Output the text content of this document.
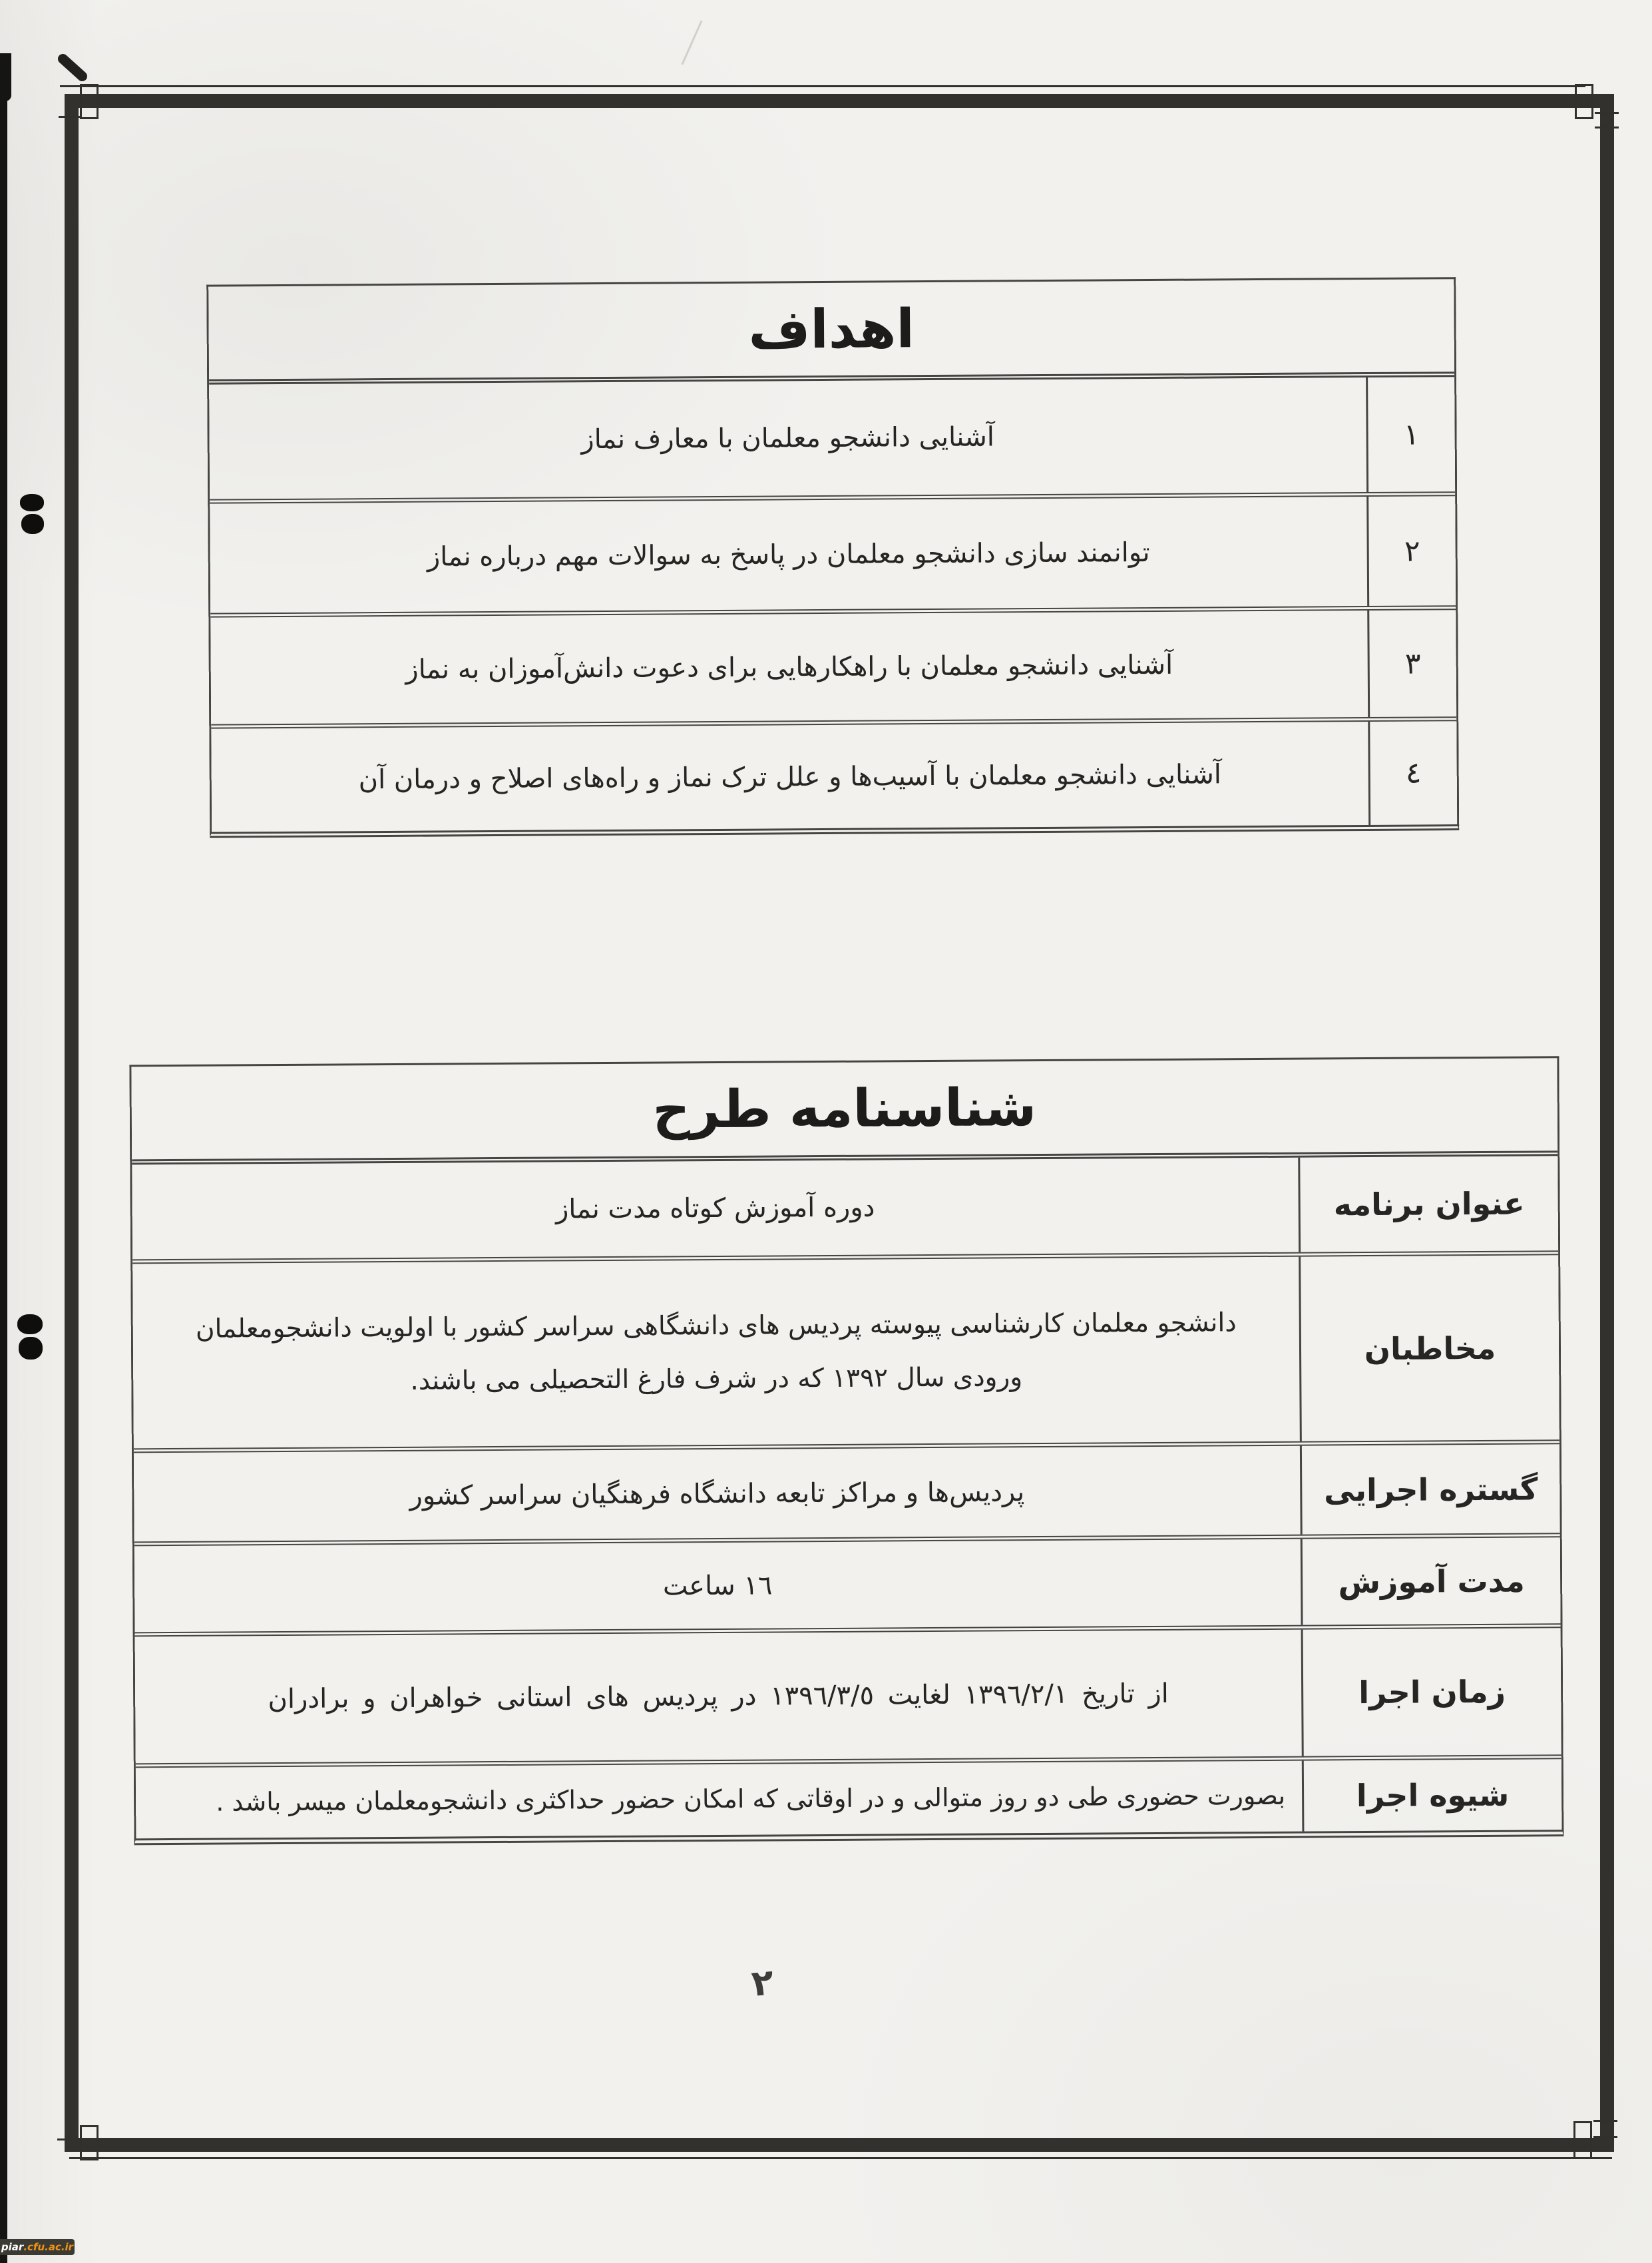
اهداف
١
آشنایی دانشجو معلمان با معارف نماز
٢
توانمند سازی دانشجو معلمان در پاسخ به سوالات مهم درباره نماز
٣
آشنایی دانشجو معلمان با راهکارهایی برای دعوت دانش‌آموزان به نماز
٤
آشنایی دانشجو معلمان با آسیب‌ها و علل ترک نماز و راه‌های اصلاح و درمان آن
شناسنامه طرح
عنوان برنامه
دوره آموزش کوتاه مدت نماز
مخاطبان
دانشجو معلمان کارشناسی پیوسته پردیس های دانشگاهی سراسر کشور با اولویت دانشجومعلمان ورودی سال ١٣٩٢ که در شرف فارغ التحصیلی می باشند.
گستره اجرایی
پردیس‌ها و مراکز تابعه دانشگاه فرهنگیان سراسر کشور
مدت آموزش
١٦ ساعت
زمان اجرا
از تاریخ ١٣٩٦/٢/١ لغایت ١٣٩٦/٣/٥ در پردیس های استانی خواهران و برادران
شیوه اجرا
بصورت حضوری طی دو روز متوالی و در اوقاتی که امکان حضور حداکثری دانشجومعلمان میسر باشد .
٢
piar .cfu.ac.ir
